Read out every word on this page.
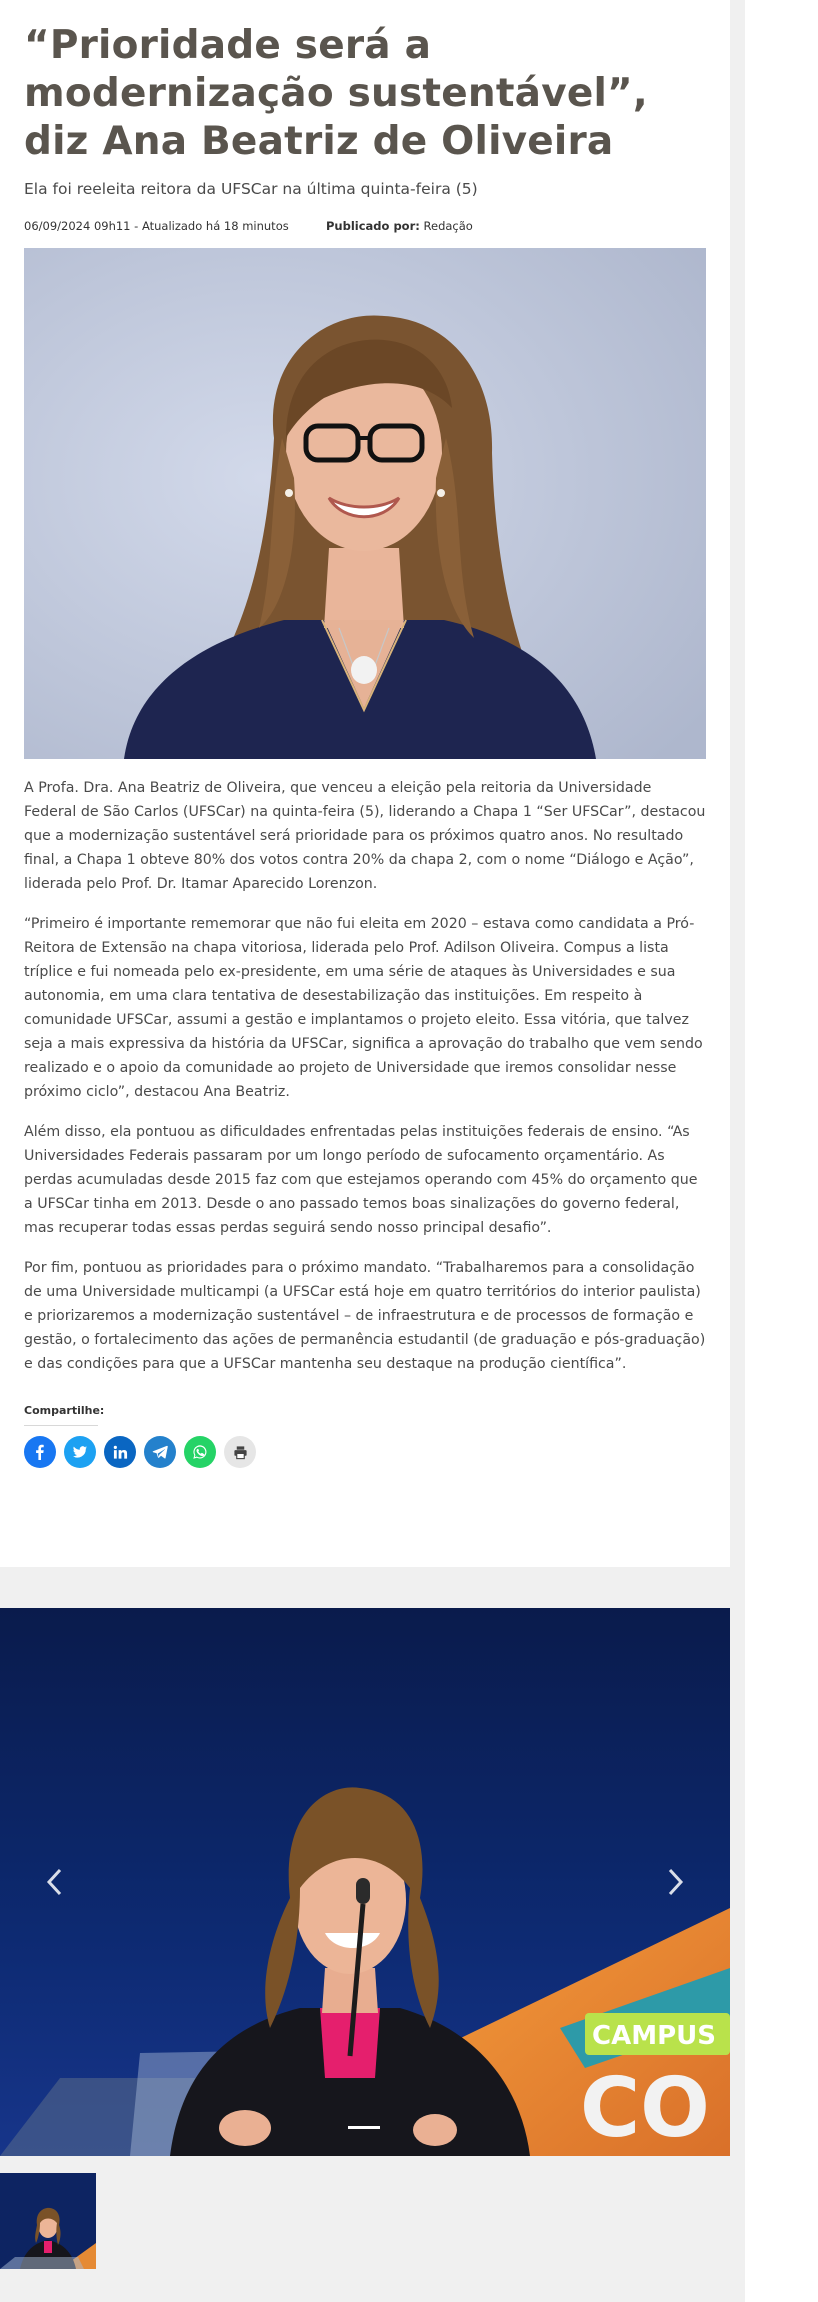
“Prioridade será a modernização sustentável”, diz Ana Beatriz de Oliveira

Ela foi reeleita reitora da UFSCar na última quinta-feira (5)

06/09/2024 09h11 - Atualizado há 18 minutos	Publicado por: Redação

A Profa. Dra. Ana Beatriz de Oliveira, que venceu a eleição pela reitoria da Universidade Federal de São Carlos (UFSCar) na quinta-feira (5), liderando a Chapa 1 “Ser UFSCar”, destacou que a modernização sustentável será prioridade para os próximos quatro anos. No resultado final, a Chapa 1 obteve 80% dos votos contra 20% da chapa 2, com o nome “Diálogo e Ação”, liderada pelo Prof. Dr. Itamar Aparecido Lorenzon.

“Primeiro é importante rememorar que não fui eleita em 2020 – estava como candidata a Pró-Reitora de Extensão na chapa vitoriosa, liderada pelo Prof. Adilson Oliveira. Compus a lista tríplice e fui nomeada pelo ex-presidente, em uma série de ataques às Universidades e sua autonomia, em uma clara tentativa de desestabilização das instituições. Em respeito à comunidade UFSCar, assumi a gestão e implantamos o projeto eleito. Essa vitória, que talvez seja a mais expressiva da história da UFSCar, significa a aprovação do trabalho que vem sendo realizado e o apoio da comunidade ao projeto de Universidade que iremos consolidar nesse próximo ciclo”, destacou Ana Beatriz.

Além disso, ela pontuou as dificuldades enfrentadas pelas instituições federais de ensino. “As Universidades Federais passaram por um longo período de sufocamento orçamentário. As perdas acumuladas desde 2015 faz com que estejamos operando com 45% do orçamento que a UFSCar tinha em 2013. Desde o ano passado temos boas sinalizações do governo federal, mas recuperar todas essas perdas seguirá sendo nosso principal desafio”.

Por fim, pontuou as prioridades para o próximo mandato. “Trabalharemos para a consolidação de uma Universidade multicampi (a UFSCar está hoje em quatro territórios do interior paulista) e priorizaremos a modernização sustentável – de infraestrutura e de processos de formação e gestão, o fortalecimento das ações de permanência estudantil (de graduação e pós-graduação) e das condições para que a UFSCar mantenha seu destaque na produção científica”.

Compartilhe:
CAMPUS
CO
